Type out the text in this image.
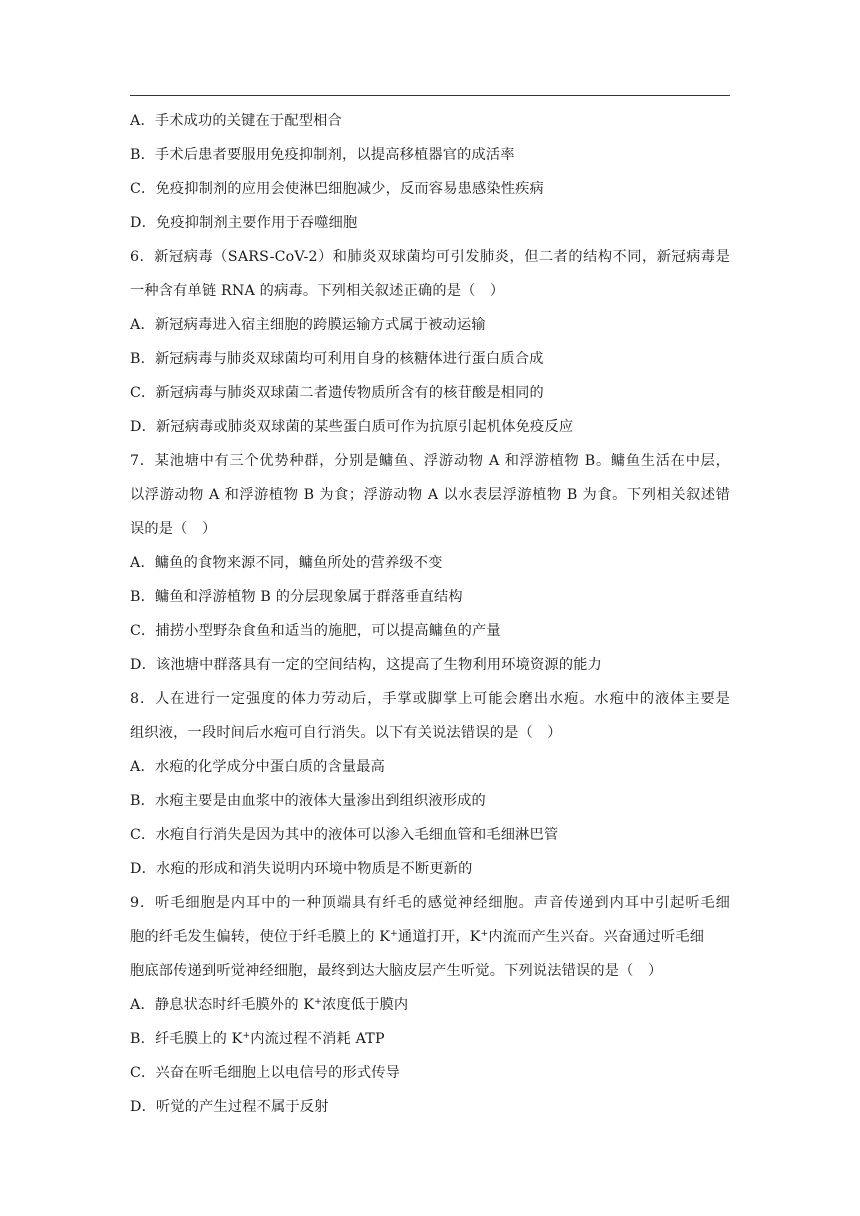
A．手术成功的关键在于配型相合
B．手术后患者要服用免疫抑制剂，以提高移植器官的成活率
C．免疫抑制剂的应用会使淋巴细胞减少，反而容易患感染性疾病
D．免疫抑制剂主要作用于吞噬细胞
6．新冠病毒（SARS-CoV-2）和肺炎双球菌均可引发肺炎，但二者的结构不同，新冠病毒是
一种含有单链 RNA 的病毒。下列相关叙述正确的是（　）
A．新冠病毒进入宿主细胞的跨膜运输方式属于被动运输
B．新冠病毒与肺炎双球菌均可利用自身的核糖体进行蛋白质合成
C．新冠病毒与肺炎双球菌二者遗传物质所含有的核苷酸是相同的
D．新冠病毒或肺炎双球菌的某些蛋白质可作为抗原引起机体免疫反应
7．某池塘中有三个优势种群，分别是鳙鱼、浮游动物 A 和浮游植物 B。鳙鱼生活在中层，
以浮游动物 A 和浮游植物 B 为食；浮游动物 A 以水表层浮游植物 B 为食。下列相关叙述错
误的是（　）
A．鳙鱼的食物来源不同，鳙鱼所处的营养级不变
B．鳙鱼和浮游植物 B 的分层现象属于群落垂直结构
C．捕捞小型野杂食鱼和适当的施肥，可以提高鳙鱼的产量
D．该池塘中群落具有一定的空间结构，这提高了生物利用环境资源的能力
8．人在进行一定强度的体力劳动后，手掌或脚掌上可能会磨出水疱。水疱中的液体主要是
组织液，一段时间后水疱可自行消失。以下有关说法错误的是（　）
A．水疱的化学成分中蛋白质的含量最高
B．水疱主要是由血浆中的液体大量渗出到组织液形成的
C．水疱自行消失是因为其中的液体可以渗入毛细血管和毛细淋巴管
D．水疱的形成和消失说明内环境中物质是不断更新的
9．听毛细胞是内耳中的一种顶端具有纤毛的感觉神经细胞。声音传递到内耳中引起听毛细
胞的纤毛发生偏转，使位于纤毛膜上的 K+通道打开，K+内流而产生兴奋。兴奋通过听毛细
胞底部传递到听觉神经细胞，最终到达大脑皮层产生听觉。下列说法错误的是（　）
A．静息状态时纤毛膜外的 K+浓度低于膜内
B．纤毛膜上的 K+内流过程不消耗 ATP
C．兴奋在听毛细胞上以电信号的形式传导
D．听觉的产生过程不属于反射
